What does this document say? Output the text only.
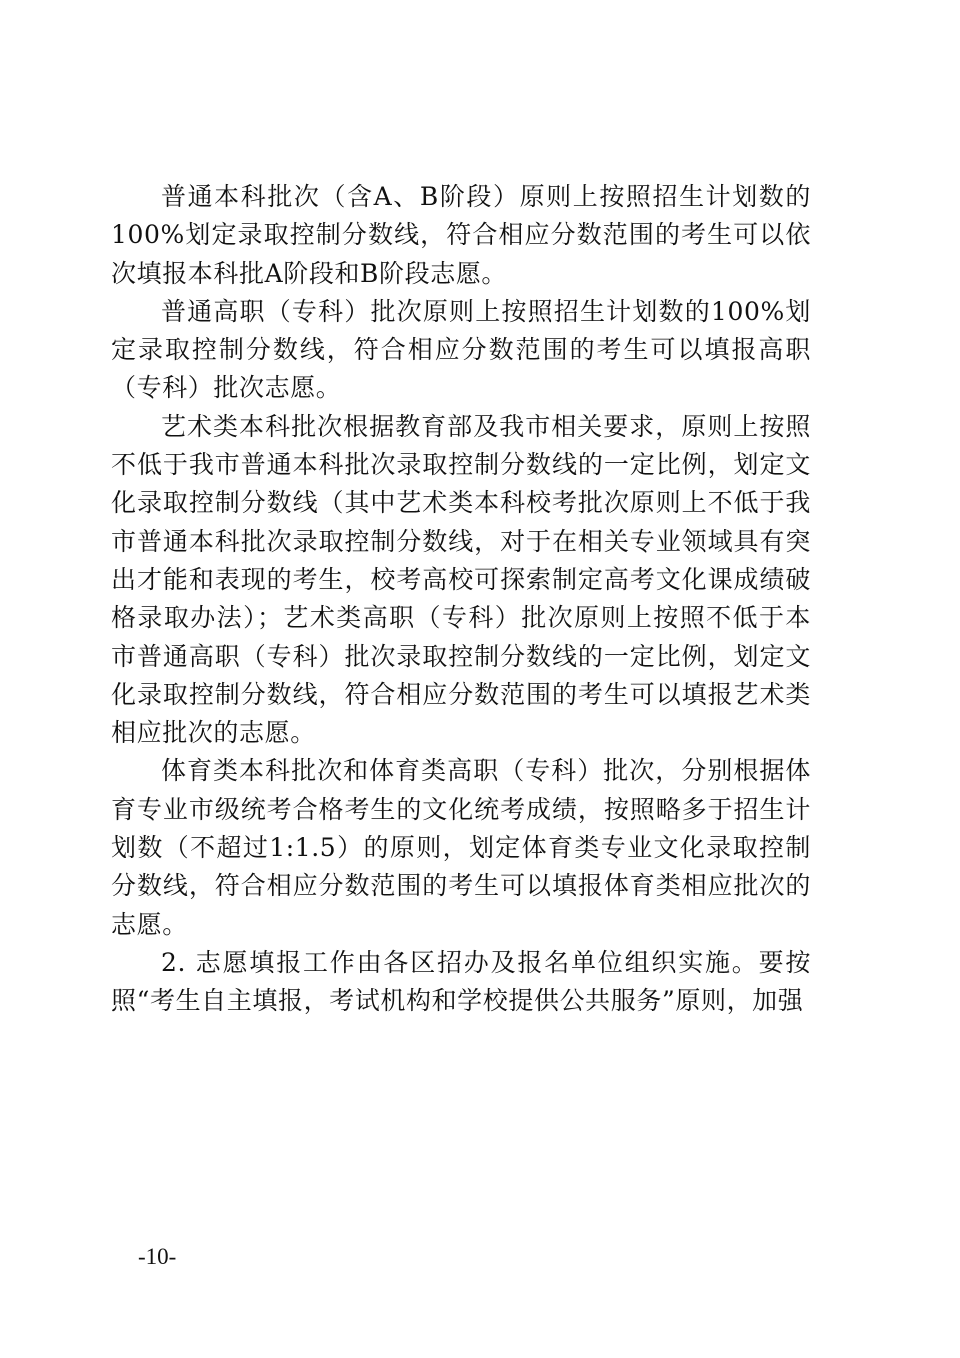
普通本科批次（含A、B阶段）原则上按照招生计划数的100%划定录取控制分数线，符合相应分数范围的考生可以依次填报本科批A阶段和B阶段志愿。

普通高职（专科）批次原则上按照招生计划数的100%划定录取控制分数线，符合相应分数范围的考生可以填报高职（专科）批次志愿。

艺术类本科批次根据教育部及我市相关要求，原则上按照不低于我市普通本科批次录取控制分数线的一定比例，划定文化录取控制分数线（其中艺术类本科校考批次原则上不低于我市普通本科批次录取控制分数线，对于在相关专业领域具有突出才能和表现的考生，校考高校可探索制定高考文化课成绩破格录取办法）；艺术类高职（专科）批次原则上按照不低于本市普通高职（专科）批次录取控制分数线的一定比例，划定文化录取控制分数线，符合相应分数范围的考生可以填报艺术类相应批次的志愿。

体育类本科批次和体育类高职（专科）批次，分别根据体育专业市级统考合格考生的文化统考成绩，按照略多于招生计划数（不超过1:1.5）的原则，划定体育类专业文化录取控制分数线，符合相应分数范围的考生可以填报体育类相应批次的志愿。

2. 志愿填报工作由各区招办及报名单位组织实施。要按照“考生自主填报，考试机构和学校提供公共服务”原则，加强

-10-
